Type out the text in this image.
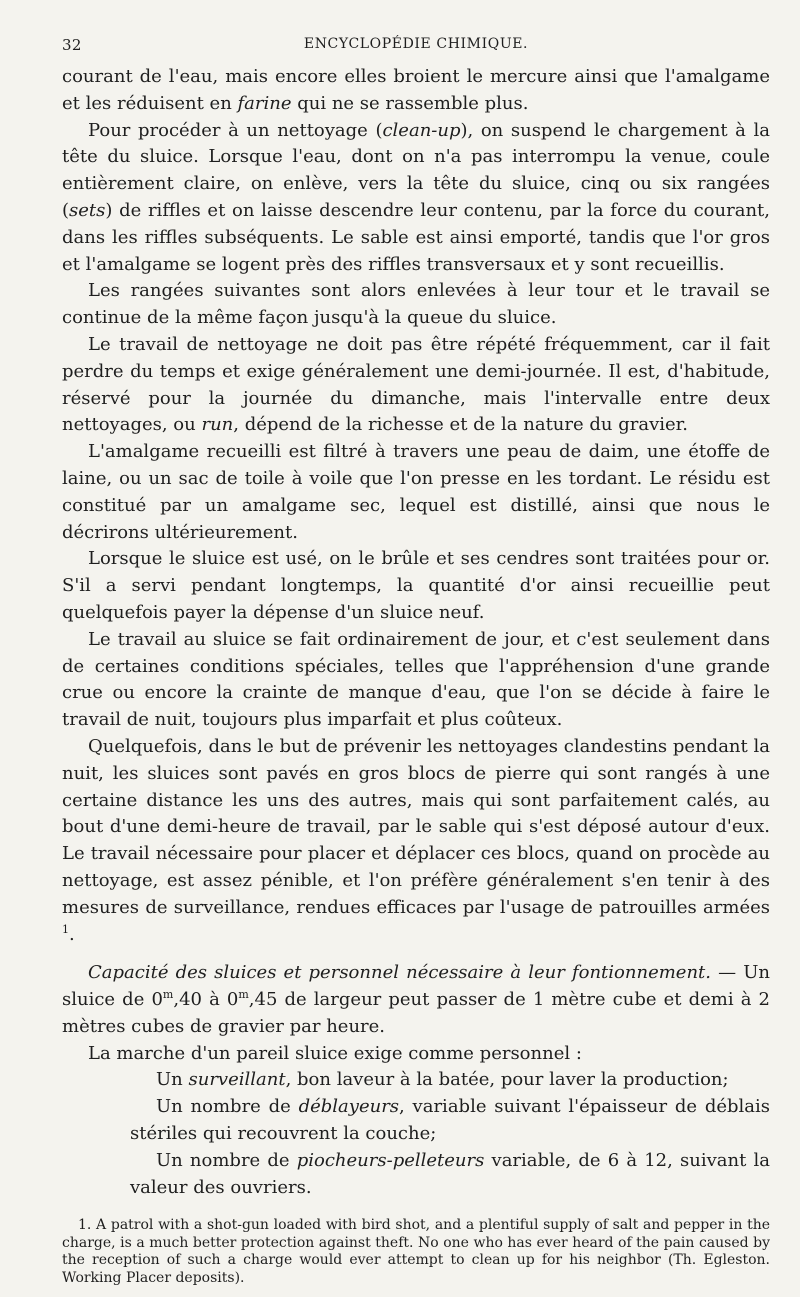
32	ENCYCLOPÉDIE CHIMIQUE.

courant de l'eau, mais encore elles broient le mercure ainsi que l'amalgame et les réduisent en farine qui ne se rassemble plus.

Pour procéder à un nettoyage (clean-up), on suspend le chargement à la tête du sluice. Lorsque l'eau, dont on n'a pas interrompu la venue, coule entièrement claire, on enlève, vers la tête du sluice, cinq ou six rangées (sets) de riffles et on laisse descendre leur contenu, par la force du courant, dans les riffles subséquents. Le sable est ainsi emporté, tandis que l'or gros et l'amalgame se logent près des riffles transversaux et y sont recueillis.

Les rangées suivantes sont alors enlevées à leur tour et le travail se continue de la même façon jusqu'à la queue du sluice.

Le travail de nettoyage ne doit pas être répété fréquemment, car il fait perdre du temps et exige généralement une demi-journée. Il est, d'habitude, réservé pour la journée du dimanche, mais l'intervalle entre deux nettoyages, ou run, dépend de la richesse et de la nature du gravier.

L'amalgame recueilli est filtré à travers une peau de daim, une étoffe de laine, ou un sac de toile à voile que l'on presse en les tordant. Le résidu est constitué par un amalgame sec, lequel est distillé, ainsi que nous le décrirons ultérieurement.

Lorsque le sluice est usé, on le brûle et ses cendres sont traitées pour or. S'il a servi pendant longtemps, la quantité d'or ainsi recueillie peut quelquefois payer la dépense d'un sluice neuf.

Le travail au sluice se fait ordinairement de jour, et c'est seulement dans de certaines conditions spéciales, telles que l'appréhension d'une grande crue ou encore la crainte de manque d'eau, que l'on se décide à faire le travail de nuit, toujours plus imparfait et plus coûteux.

Quelquefois, dans le but de prévenir les nettoyages clandestins pendant la nuit, les sluices sont pavés en gros blocs de pierre qui sont rangés à une certaine distance les uns des autres, mais qui sont parfaitement calés, au bout d'une demi-heure de travail, par le sable qui s'est déposé autour d'eux. Le travail nécessaire pour placer et déplacer ces blocs, quand on procède au nettoyage, est assez pénible, et l'on préfère généralement s'en tenir à des mesures de surveillance, rendues efficaces par l'usage de patrouilles armées $^1$.

Capacité des sluices et personnel nécessaire à leur fontionnement. — Un sluice de 0$^m$,40 à 0$^m$,45 de largeur peut passer de 1 mètre cube et demi à 2 mètres cubes de gravier par heure.

La marche d'un pareil sluice exige comme personnel :

Un surveillant, bon laveur à la batée, pour laver la production;

Un nombre de déblayeurs, variable suivant l'épaisseur de déblais stériles qui recouvrent la couche;

Un nombre de piocheurs-pelleteurs variable, de 6 à 12, suivant la valeur des ouvriers.

1. A patrol with a shot-gun loaded with bird shot, and a plentiful supply of salt and pepper in the charge, is a much better protection against theft. No one who has ever heard of the pain caused by the reception of such a charge would ever attempt to clean up for his neighbor (Th. Egleston. Working Placer deposits).
